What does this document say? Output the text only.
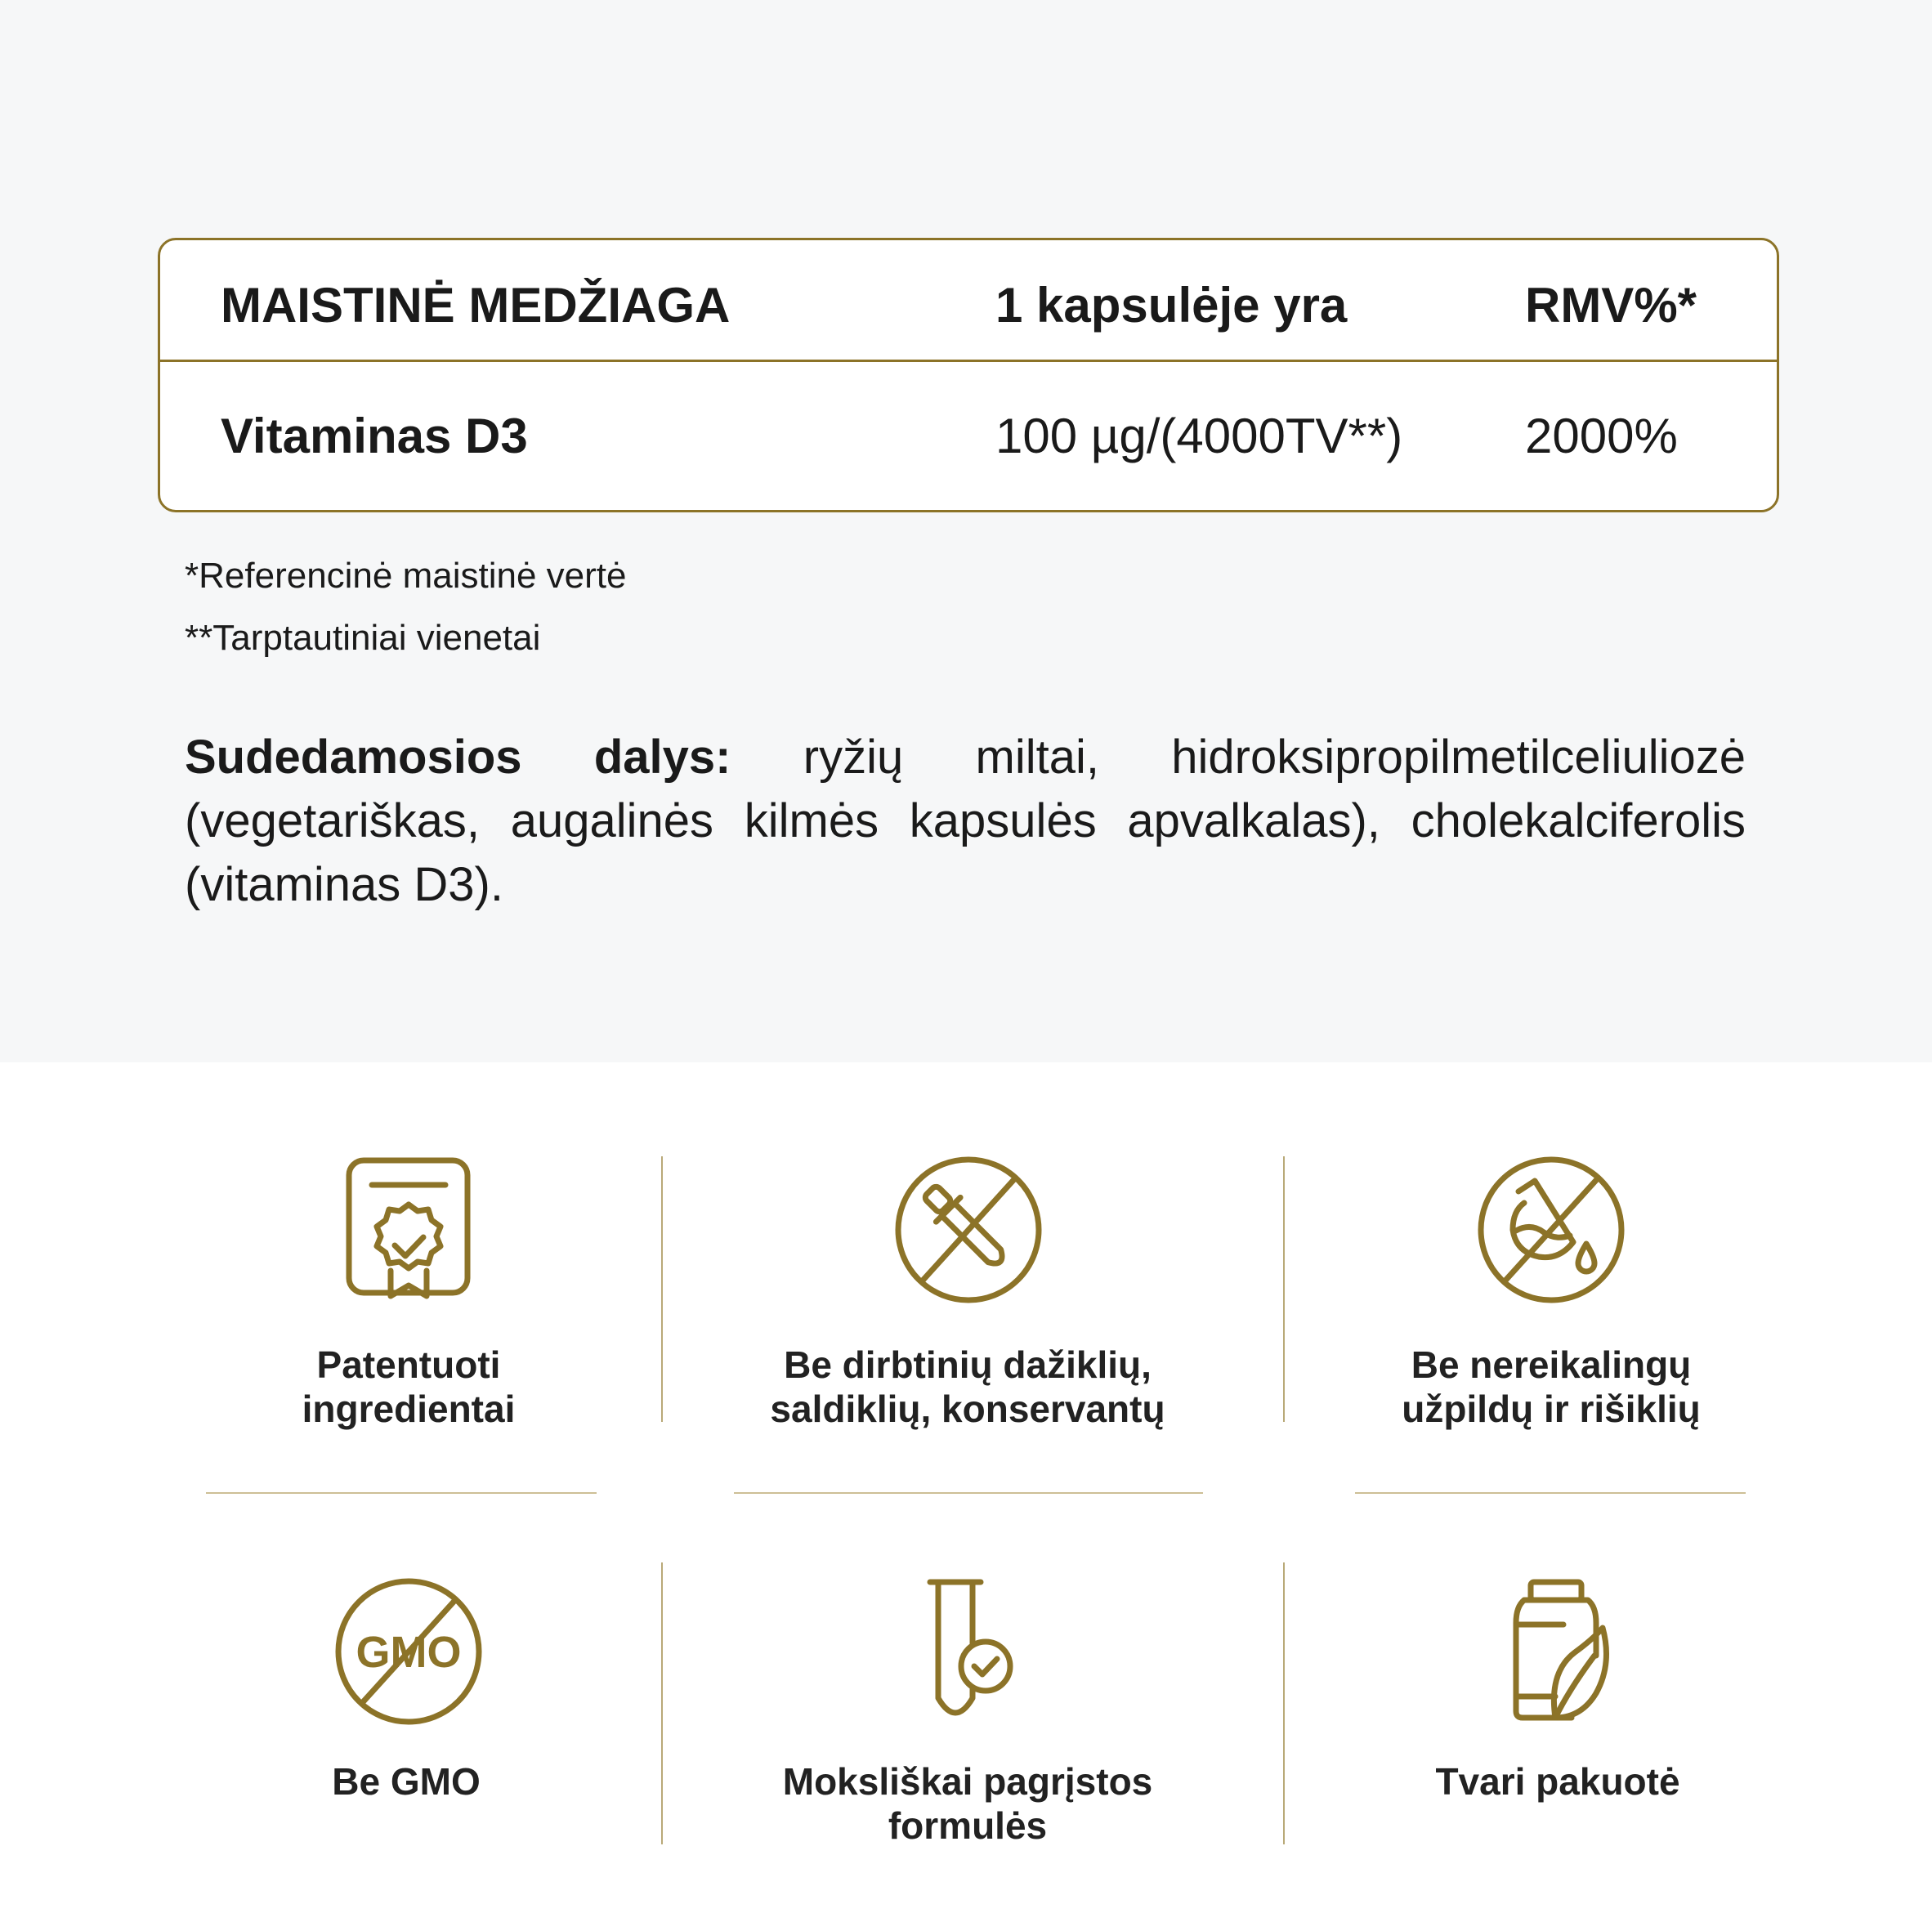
MAISTINĖ MEDŽIAGA	1 kapsulėje yra	RMV%*
Vitaminas D3	100 µg/(4000TV**) 2000%
*Referencinė maistinė vertė
**Tarptautiniai vienetai

Sudedamosios dalys: ryžių miltai, hidroksipropilmetilceliuliozė (vegetariškas, augalinės kilmės kapsulės apvalkalas), cholekalciferolis (vitaminas D3).

Patentuoti
ingredientai
Be dirbtinių dažiklių,
saldiklių, konservantų
Be nereikalingų
užpildų ir rišiklių
GMO
Be GMO	Moksliškai pagrįstos
formulės
Tvari pakuotė
